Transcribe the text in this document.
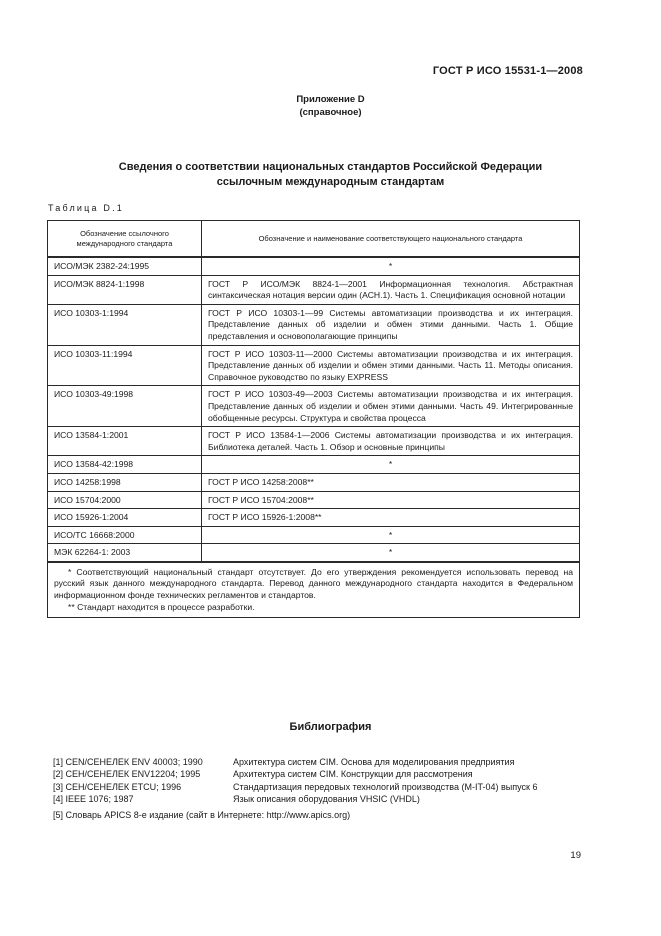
ГОСТ Р ИСО 15531-1—2008
Приложение D
(справочное)
Сведения о соответствии национальных стандартов Российской Федерации
ссылочным международным стандартам
Таблица D.1
Обозначение ссылочного международного стандарта	Обозначение и наименование соответствующего национального стандарта
ИСО/МЭК 2382-24:1995	*
ИСО/МЭК 8824-1:1998	ГОСТ Р ИСО/МЭК 8824-1—2001 Информационная технология. Абстрактная синтаксическая нотация версии один (АСН.1). Часть 1. Спецификация основной нотации
ИСО 10303-1:1994	ГОСТ Р ИСО 10303-1—99 Системы автоматизации производства и их интеграция. Представление данных об изделии и обмен этими данными. Часть 1. Общие представления и основополагающие принципы
ИСО 10303-11:1994	ГОСТ Р ИСО 10303-11—2000 Системы автоматизации производства и их интеграция. Представление данных об изделии и обмен этими данными. Часть 11. Методы описания. Справочное руководство по языку EXPRESS
ИСО 10303-49:1998	ГОСТ Р ИСО 10303-49—2003 Системы автоматизации производства и их интеграция. Представление данных об изделии и обмен этими данными. Часть 49. Интегрированные обобщенные ресурсы. Структура и свойства процесса
ИСО 13584-1:2001	ГОСТ Р ИСО 13584-1—2006 Системы автоматизации производства и их интеграция. Библиотека деталей. Часть 1. Обзор и основные принципы
ИСО 13584-42:1998	*
ИСО 14258:1998	ГОСТ Р ИСО 14258:2008**
ИСО 15704:2000	ГОСТ Р ИСО 15704:2008**
ИСО 15926-1:2004	ГОСТ Р ИСО 15926-1:2008**
ИСО/ТС 16668:2000	*
МЭК 62264-1: 2003	*

* Соответствующий национальный стандарт отсутствует. До его утверждения рекомендуется использовать перевод на русский язык данного международного стандарта. Перевод данного международного стандарта находится в Федеральном информационном фонде технических регламентов и стандартов.

** Стандарт находится в процессе разработки.

Библиография
[1] CEN/CEНЕЛЕК ENV 40003; 1990	Архитектура систем CIM. Основа для моделирования предприятия
[2] CEH/CEНЕЛЕК ENV12204; 1995	Архитектура систем CIM. Конструкции для рассмотрения
[3] CEH/CEНЕЛЕК ETCU; 1996	Стандартизация передовых технологий производства (M-IT-04) выпуск 6
[4] IEEE 1076; 1987	Язык описания оборудования VHSIC (VHDL)
[5] Словарь APICS 8-е издание (сайт в Интернете: http://www.apics.org)
19
